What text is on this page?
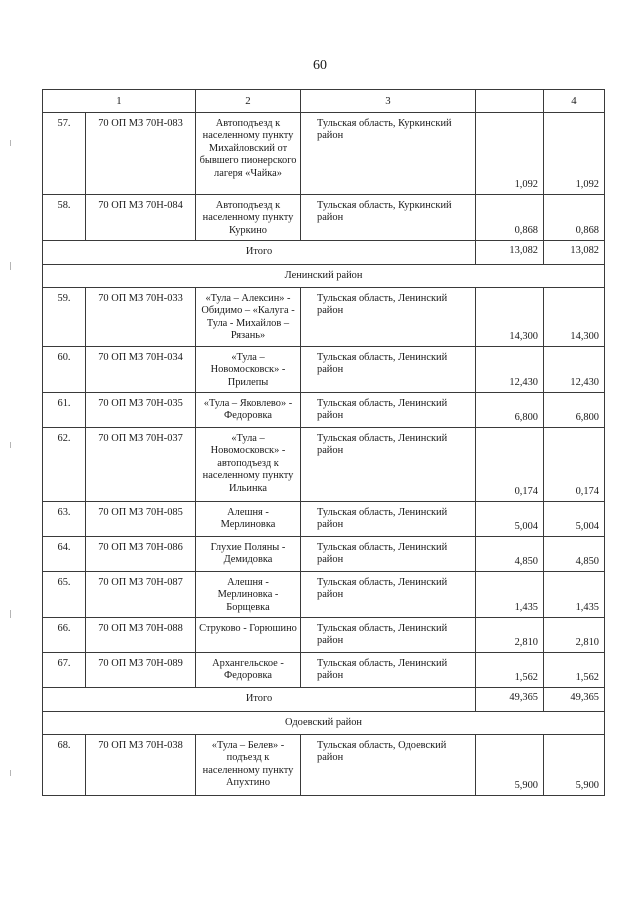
60
1		2	3		4
57.	70 ОП МЗ 70Н-083	Автоподъезд к населенному пункту Михайловский от бывшего пионерского лагеря «Чайка»	Тульская область, Куркинский район	1,092	1,092
58.	70 ОП МЗ 70Н-084	Автоподъезд к населенному пункту Куркино	Тульская область, Куркинский район	0,868	0,868
Итого				13,082	13,082
Ленинский район					
59.	70 ОП МЗ 70Н-033	«Тула – Алексин» - Обидимо – «Калуга - Тула - Михайлов – Рязань»	Тульская область, Ленинский район	14,300	14,300
60.	70 ОП МЗ 70Н-034	«Тула – Новомосковск» - Прилепы	Тульская область, Ленинский район	12,430	12,430
61.	70 ОП МЗ 70Н-035	«Тула – Яковлево» - Федоровка	Тульская область, Ленинский район	6,800	6,800
62.	70 ОП МЗ 70Н-037	«Тула – Новомосковск» - автоподъезд к населенному пункту Ильинка	Тульская область, Ленинский район	0,174	0,174
63.	70 ОП МЗ 70Н-085	Алешня - Мерлиновка	Тульская область, Ленинский район	5,004	5,004
64.	70 ОП МЗ 70Н-086	Глухие Поляны - Демидовка	Тульская область, Ленинский район	4,850	4,850
65.	70 ОП МЗ 70Н-087	Алешня - Мерлиновка - Борщевка	Тульская область, Ленинский район	1,435	1,435
66.	70 ОП МЗ 70Н-088	Струково - Горюшино	Тульская область, Ленинский район	2,810	2,810
67.	70 ОП МЗ 70Н-089	Архангельское - Федоровка	Тульская область, Ленинский район	1,562	1,562
Итого				49,365	49,365
Одоевский район					
68.	70 ОП МЗ 70Н-038	«Тула – Белев» - подъезд к населенному пункту Апухтино	Тульская область, Одоевский район	5,900	5,900
